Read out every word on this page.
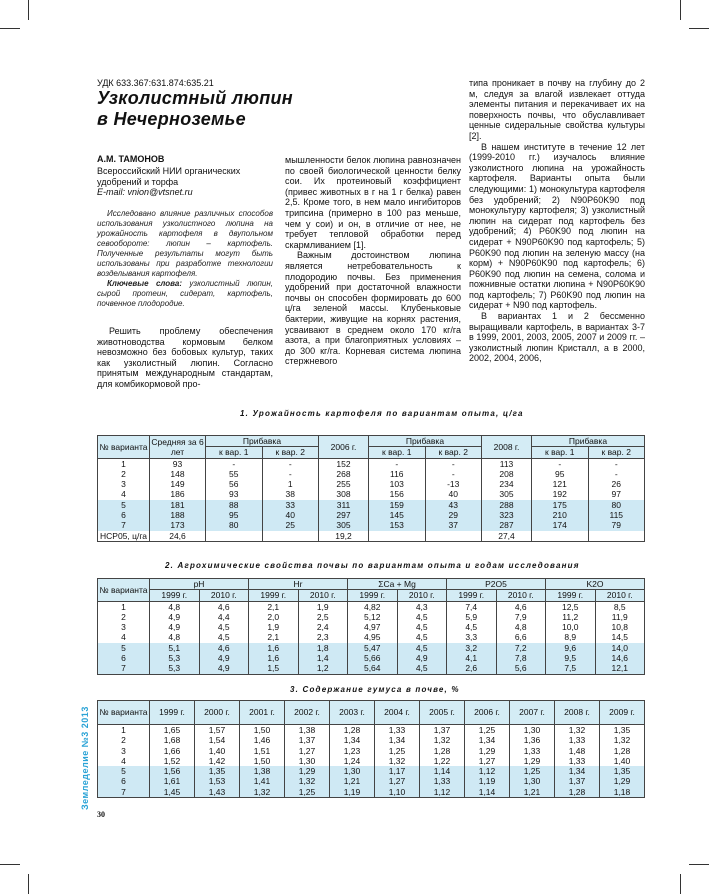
УДК 633.367:631.874:635.21
Узколистный люпин
в Нечерноземье
А.М. ТАМОНОВ
Всероссийский НИИ органических
удобрений и торфа
E-mail: vnion@vtsnet.ru

Исследовано влияние различных способов использования узколистного люпина на урожайность картофеля в двупольном севообороте: люпин – картофель. Полученные результаты могут быть использованы при разработке технологии возделывания картофеля.

Ключевые слова: узколистный люпин, сырой протеин, сидерат, картофель, почвенное плодородие.

Решить проблему обеспечения животноводства кормовым белком невозможно без бобовых культур, таких как узколистный люпин. Согласно принятым международным стандартам, для комбикормовой про-

мышленности белок люпина равнозначен по своей биологической ценности белку сои. Их протеиновый коэффициент (привес животных в г на 1 г белка) равен 2,5. Кроме того, в нем мало ингибиторов трипсина (примерно в 100 раз меньше, чем у сои) и он, в отличие от нее, не требует тепловой обработки перед скармливанием [1].

Важным достоинством люпина является нетребовательность к плодородию почвы. Без применения удобрений при достаточной влажности почвы он способен формировать до 600 ц/га зеленой массы. Клубеньковые бактерии, живущие на корнях растения, усваивают в среднем около 170 кг/га азота, а при благоприятных условиях – до 300 кг/га. Корневая система люпина стержневого

типа проникает в почву на глубину до 2 м, следуя за влагой извлекает оттуда элементы питания и перекачивает их на поверхность почвы, что обуславливает ценные сидеральные свойства культуры [2].

В нашем институте в течение 12 лет (1999-2010 гг.) изучалось влияние узколистного люпина на урожайность картофеля. Варианты опыта были следующими: 1) монокультура картофеля без удобрений; 2) N90P60K90 под монокультуру картофеля; 3) узколистный люпин на сидерат под картофель без удобрений; 4) P60K90 под люпин на сидерат + N90P60K90 под картофель; 5) P60K90 под люпин на зеленую массу (на корм) + N90P60K90 под картофель; 6) P60K90 под люпин на семена, солома и пожнивные остатки люпина + N90P60K90 под картофель; 7) P60K90 под люпин на сидерат + N90 под картофель.

В вариантах 1 и 2 бессменно выращивали картофель, в вариантах 3-7 в 1999, 2001, 2003, 2005, 2007 и 2009 гг. – узколистный люпин Кристалл, а в 2000, 2002, 2004, 2006,

1. Урожайность картофеля по вариантам опыта, ц/га
№ варианта	Средняя за 6 лет	Прибавка		2006 г.	Прибавка		2008 г.	Прибавка	
		к вар. 1	к вар. 2		к вар. 1	к вар. 2		к вар. 1	к вар. 2
1	93	-	-	152	-	-	113	-	-
2	148	55	-	268	116	-	208	95	-
3	149	56	1	255	103	-13	234	121	26
4	186	93	38	308	156	40	305	192	97
5	181	88	33	311	159	43	288	175	80
6	188	95	40	297	145	29	323	210	115
7	173	80	25	305	153	37	287	174	79
НСР05, ц/га	24,6			19,2			27,4		
2. Агрохимические свойства почвы по вариантам опыта и годам исследования
№ варианта	pH		Hr		ΣCa + Mg		P2O5		K2O	
	1999 г.	2010 г.	1999 г.	2010 г.	1999 г.	2010 г.	1999 г.	2010 г.	1999 г.	2010 г.
1	4,8	4,6	2,1	1,9	4,82	4,3	7,4	4,6	12,5	8,5
2	4,9	4,4	2,0	2,5	5,12	4,5	5,9	7,9	11,2	11,9
3	4,9	4,5	1,9	2,4	4,97	4,5	4,5	4,8	10,0	10,8
4	4,8	4,5	2,1	2,3	4,95	4,5	3,3	6,6	8,9	14,5
5	5,1	4,6	1,6	1,8	5,47	4,5	3,2	7,2	9,6	14,0
6	5,3	4,9	1,6	1,4	5,66	4,9	4,1	7,8	9,5	14,6
7	5,3	4,9	1,5	1,2	5,64	4,5	2,6	5,6	7,5	12,1
3. Содержание гумуса в почве, %
№ варианта	1999 г.	2000 г.	2001 г.	2002 г.	2003 г.	2004 г.	2005 г.	2006 г.	2007 г.	2008 г.	2009 г.
1	1,65	1,57	1,50	1,38	1,28	1,33	1,37	1,25	1,30	1,32	1,35
2	1,68	1,54	1,46	1,37	1,34	1,34	1,32	1,34	1,36	1,33	1,32
3	1,66	1,40	1,51	1,27	1,23	1,25	1,28	1,29	1,33	1,48	1,28
4	1,52	1,42	1,50	1,30	1,24	1,32	1,22	1,27	1,29	1,33	1,40
5	1,56	1,35	1,38	1,29	1,30	1,17	1,14	1,12	1,25	1,34	1,35
6	1,61	1,53	1,41	1,32	1,21	1,27	1,33	1,19	1,30	1,37	1,29
7	1,45	1,43	1,32	1,25	1,19	1,10	1,12	1,14	1,21	1,28	1,18
Земледелие №3 2013
30
